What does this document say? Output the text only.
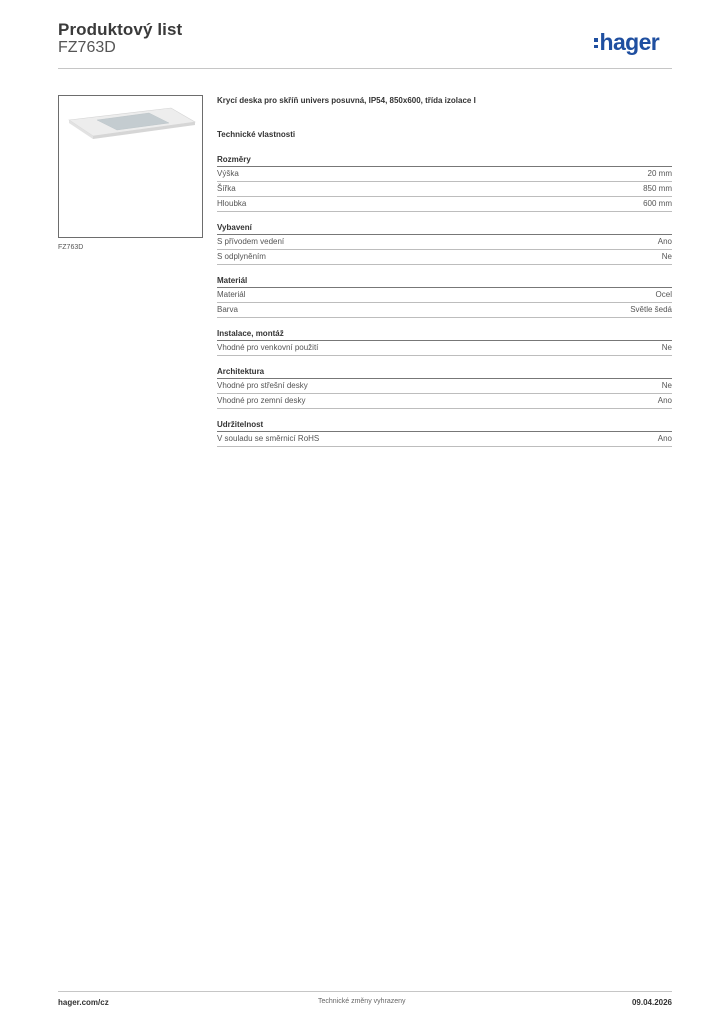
Produktový list
FZ763D	hager
FZ763D
Krycí deska pro skříň univers posuvná, IP54, 850x600, třída izolace I
Technické vlastnosti
Rozměry
Výška	20 mm
Šířka	850 mm
Hloubka	600 mm
Vybavení
S přívodem vedení	Ano
S odplyněním	Ne
Materiál
Materiál	Ocel
Barva	Světle šedá
Instalace, montáž
Vhodné pro venkovní použití	Ne
Architektura
Vhodné pro střešní desky	Ne
Vhodné pro zemní desky	Ano
Udržitelnost
V souladu se směrnicí RoHS	Ano
hager.com/cz	Technické změny vyhrazeny	09.04.2026
